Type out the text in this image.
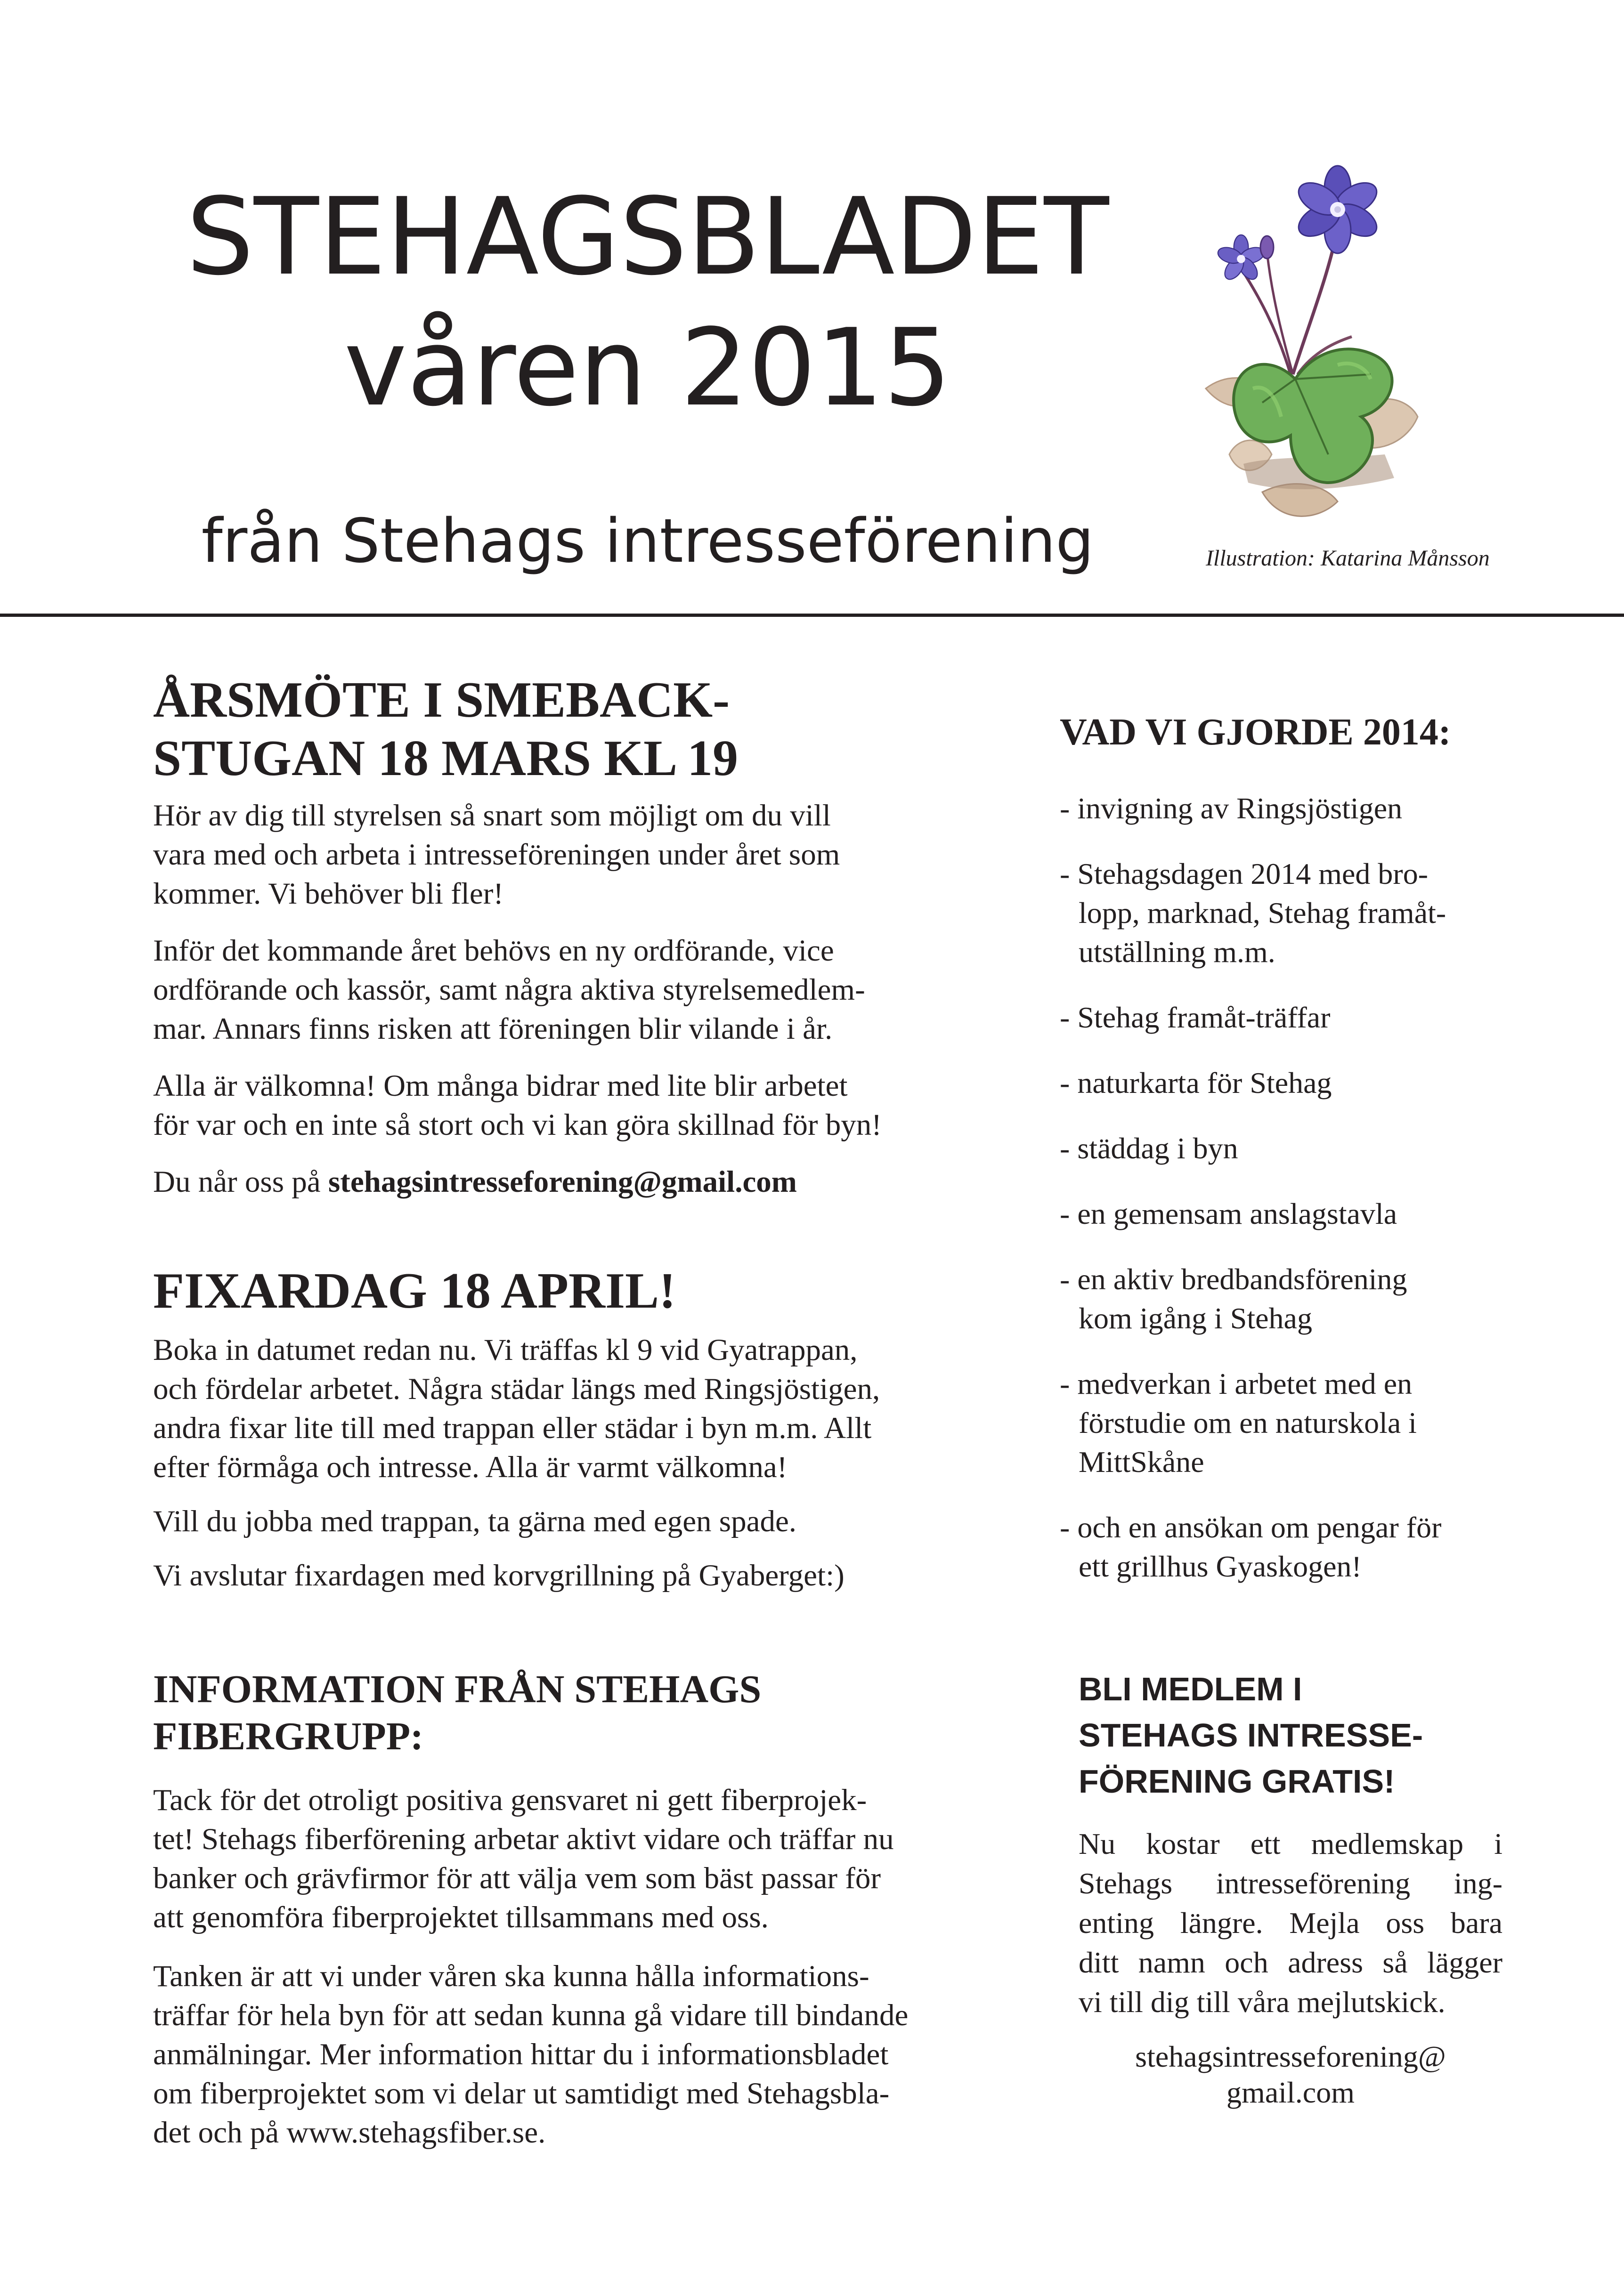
STEHAGSBLADET
våren 2015
från Stehags intresseförening	Illustration: Katarina Månsson
ÅRSMÖTE I SMEBACK-
STUGAN 18 MARS KL 19

Hör av dig till styrelsen så snart som möjligt om du vill
vara med och arbeta i intresseföreningen under året som
kommer. Vi behöver bli fler!

Inför det kommande året behövs en ny ordförande, vice
ordförande och kassör, samt några aktiva styrelsemedlem-
mar. Annars finns risken att föreningen blir vilande i år.

Alla är välkomna! Om många bidrar med lite blir arbetet
för var och en inte så stort och vi kan göra skillnad för byn!

Du når oss på stehagsintresseforening@gmail.com

FIXARDAG 18 APRIL!

Boka in datumet redan nu. Vi träffas kl 9 vid Gyatrappan,
och fördelar arbetet. Några städar längs med Ringsjöstigen,
andra fixar lite till med trappan eller städar i byn m.m. Allt
efter förmåga och intresse. Alla är varmt välkomna!

Vill du jobba med trappan, ta gärna med egen spade.

Vi avslutar fixardagen med korvgrillning på Gyaberget:)

INFORMATION FRÅN STEHAGS
FIBERGRUPP:

Tack för det otroligt positiva gensvaret ni gett fiberprojek-
tet! Stehags fiberförening arbetar aktivt vidare och träffar nu
banker och grävfirmor för att välja vem som bäst passar för
att genomföra fiberprojektet tillsammans med oss.

Tanken är att vi under våren ska kunna hålla informations-
träffar för hela byn för att sedan kunna gå vidare till bindande
anmälningar. Mer information hittar du i informationsbladet
om fiberprojektet som vi delar ut samtidigt med Stehagsbla-
det och på www.stehagsfiber.se.

VAD VI GJORDE 2014:
- invigning av Ringsjöstigen
- Stehagsdagen 2014 med bro-
lopp, marknad, Stehag framåt-
utställning m.m.
- Stehag framåt-träffar
- naturkarta för Stehag
- städdag i byn
- en gemensam anslagstavla
- en aktiv bredbandsförening
kom igång i Stehag
- medverkan i arbetet med en
förstudie om en naturskola i
MittSkåne
- och en ansökan om pengar för
ett grillhus Gyaskogen!
BLI MEDLEM I
STEHAGS INTRESSE-
FÖRENING GRATIS!

Nu kostar ett medlemskap i
Stehags intresseförening ing-
enting längre. Mejla oss bara
ditt namn och adress så lägger
vi till dig till våra mejlutskick.

stehagsintresseforening@
gmail.com
